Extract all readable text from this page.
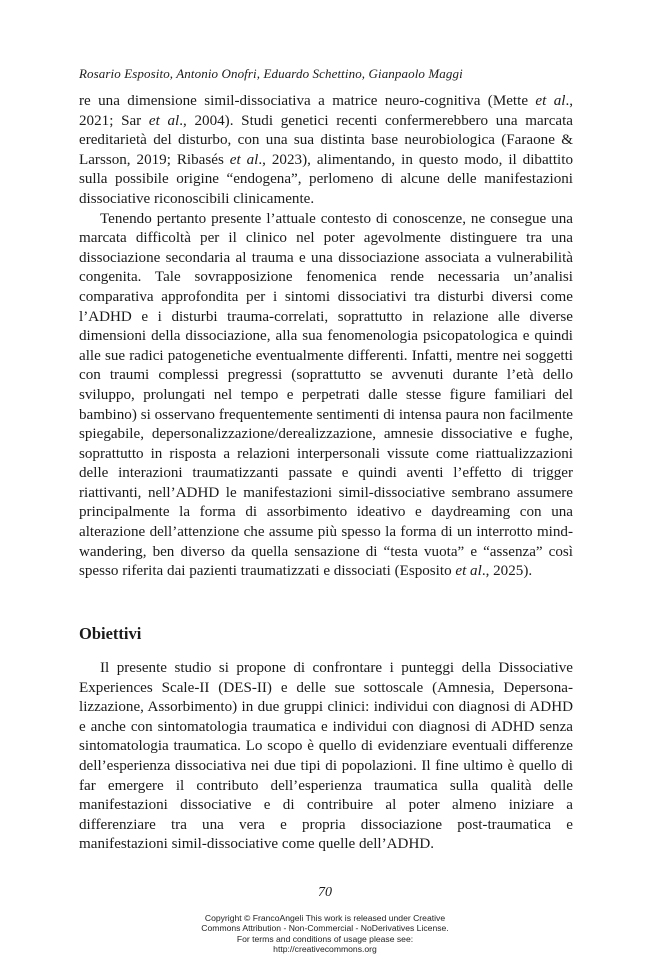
Rosario Esposito, Antonio Onofri, Eduardo Schettino, Gianpaolo Maggi

re una dimensione simil-dissociativa a matrice neuro-cognitiva (Mette et al., 2021; Sar et al., 2004). Studi genetici recenti confermerebbero una marcata ereditarietà del disturbo, con una sua distinta base neurobiologica (Faraone & Larsson, 2019; Ribasés et al., 2023), alimentando, in questo modo, il dibattito sulla possibile origine “endogena”, perlomeno di alcune delle manifestazioni dissociative riconoscibili clinicamente.

Tenendo pertanto presente l’attuale contesto di conoscenze, ne consegue una marcata difficoltà per il clinico nel poter agevolmente distinguere tra una dissociazione secondaria al trauma e una dissociazione associata a vulnerabilità congenita. Tale sovrapposizione fenomenica rende necessaria un’analisi comparativa approfondita per i sintomi dissociativi tra disturbi diversi come l’ADHD e i disturbi trauma-correlati, soprattutto in relazione alle diverse dimensioni della dissociazione, alla sua fenomenologia psicopatologica e quindi alle sue radici patogenetiche eventualmente differenti. Infatti, mentre nei soggetti con traumi complessi pregressi (soprattutto se avvenuti durante l’età dello sviluppo, prolungati nel tempo e perpetrati dalle stesse figure familiari del bambino) si osservano frequentemente sentimenti di intensa paura non facilmente spiegabile, depersonalizzazione/derealizzazione, amnesie dissociative e fughe, soprattutto in risposta a relazioni interpersonali vissute come riattualizzazioni delle interazioni traumatizzanti passate e quindi aventi l’effetto di trigger riattivanti, nell’ADHD le manifestazioni simil-dissociative sembrano assumere principalmente la forma di assorbimento ideativo e daydreaming con una alterazione dell’attenzione che assume più spesso la forma di un interrotto mind-wandering, ben diverso da quella sensazione di “testa vuota” e “assenza” così spesso riferita dai pazienti traumatizzati e dissociati (Esposito et al., 2025).

Obiettivi

Il presente studio si propone di confrontare i punteggi della Dissociative Experiences Scale-II (DES-II) e delle sue sottoscale (Amnesia, Depersonalizzazione, Assorbimento) in due gruppi clinici: individui con diagnosi di ADHD e anche con sintomatologia traumatica e individui con diagnosi di ADHD senza sintomatologia traumatica. Lo scopo è quello di evidenziare eventuali differenze dell’esperienza dissociativa nei due tipi di popolazioni. Il fine ultimo è quello di far emergere il contributo dell’esperienza traumatica sulla qualità delle manifestazioni dissociative e di contribuire al poter almeno iniziare a differenziare tra una vera e propria dissociazione post-traumatica e manifestazioni simil-dissociative come quelle dell’ADHD.

70
Copyright © FrancoAngeli This work is released under Creative
Commons Attribution - Non-Commercial - NoDerivatives License.
For terms and conditions of usage please see:
http://creativecommons.org
